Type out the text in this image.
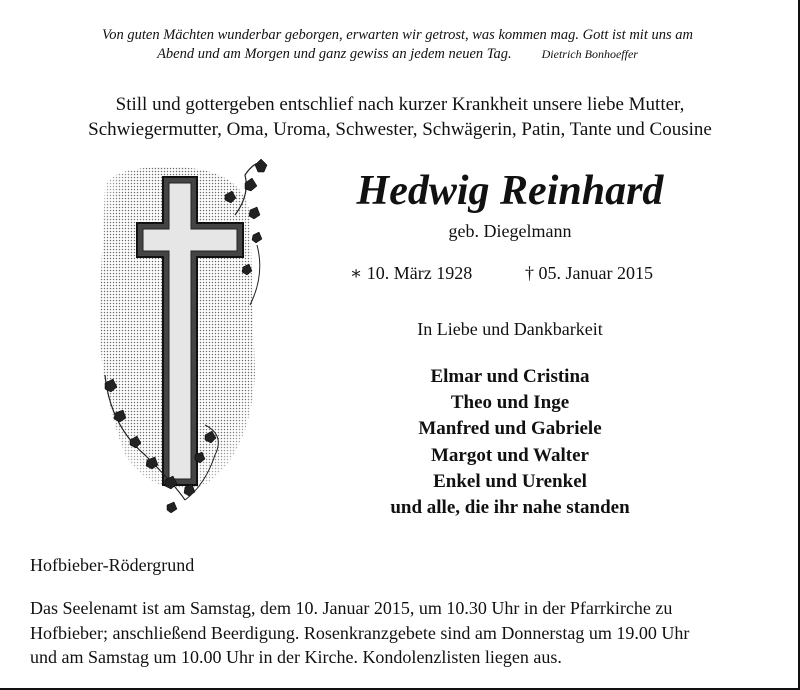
Von guten Mächten wunderbar geborgen, erwarten wir getrost, was kommen mag. Gott ist mit uns am
Abend und am Morgen und ganz gewiss an jedem neuen Tag.	Dietrich Bonhoeffer
Still und gottergeben entschlief nach kurzer Krankheit unsere liebe Mutter,
Schwiegermutter, Oma, Uroma, Schwester, Schwägerin, Patin, Tante und Cousine
Hedwig Reinhard
geb. Diegelmann
∗ 10. März 1928	† 05. Januar 2015
In Liebe und Dankbarkeit
Elmar und Cristina
Theo und Inge
Manfred und Gabriele
Margot und Walter
Enkel und Urenkel
und alle, die ihr nahe standen
Hofbieber-Rödergrund
Das Seelenamt ist am Samstag, dem 10. Januar 2015, um 10.30 Uhr in der Pfarrkirche zu
Hofbieber; anschließend Beerdigung. Rosenkranzgebete sind am Donnerstag um 19.00 Uhr
und am Samstag um 10.00 Uhr in der Kirche. Kondolenzlisten liegen aus.
